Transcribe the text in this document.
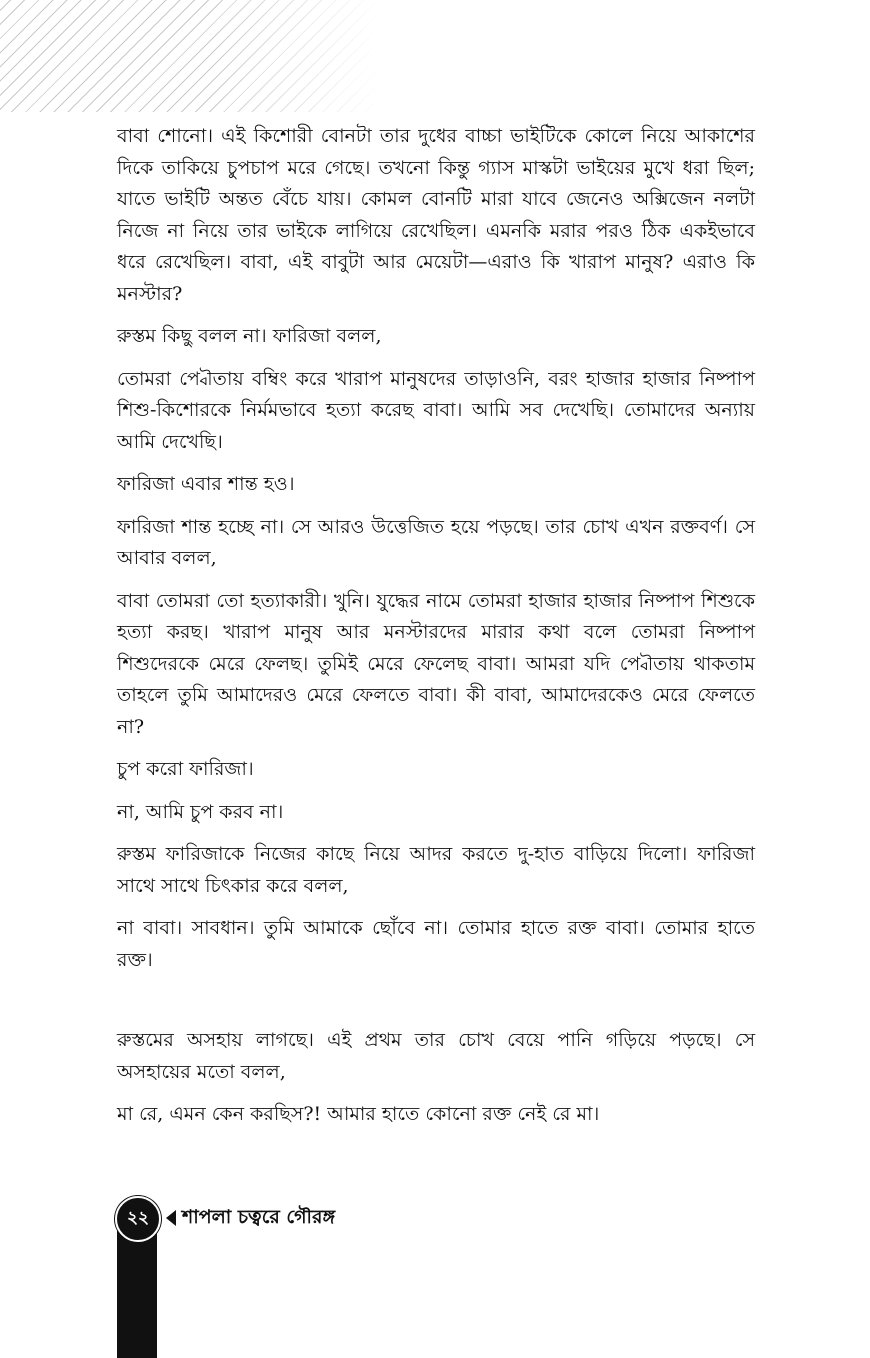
বাবা শোনো। এই কিশোরী বোনটা তার দুধের বাচ্চা ভাইটিকে কোলে নিয়ে আকাশের দিকে তাকিয়ে চুপচাপ মরে গেছে। তখনো কিন্তু গ্যাস মাস্কটা ভাইয়ের মুখে ধরা ছিল; যাতে ভাইটি অন্তত বেঁচে যায়। কোমল বোনটি মারা যাবে জেনেও অক্সিজেন নলটা নিজে না নিয়ে তার ভাইকে লাগিয়ে রেখেছিল। এমনকি মরার পরও ঠিক একইভাবে ধরে রেখেছিল। বাবা, এই বাবুটা আর মেয়েটা—এরাও কি খারাপ মানুষ? এরাও কি মনস্টার?

রুস্তম কিছু বলল না। ফারিজা বলল,

তোমরা প্বৌতায় বম্বিং করে খারাপ মানুষদের তাড়াওনি, বরং হাজার হাজার নিষ্পাপ শিশু-কিশোরকে নির্মমভাবে হত্যা করেছ বাবা। আমি সব দেখেছি। তোমাদের অন্যায় আমি দেখেছি।

ফারিজা এবার শান্ত হও।

ফারিজা শান্ত হচ্ছে না। সে আরও উত্তেজিত হয়ে পড়ছে। তার চোখ এখন রক্তবর্ণ। সে আবার বলল,

বাবা তোমরা তো হত্যাকারী। খুনি। যুদ্ধের নামে তোমরা হাজার হাজার নিষ্পাপ শিশুকে হত্যা করছ। খারাপ মানুষ আর মনস্টারদের মারার কথা বলে তোমরা নিষ্পাপ শিশুদেরকে মেরে ফেলছ। তুমিই মেরে ফেলেছ বাবা। আমরা যদি প্বৌতায় থাকতাম তাহলে তুমি আমাদেরও মেরে ফেলতে বাবা। কী বাবা, আমাদেরকেও মেরে ফেলতে না?

চুপ করো ফারিজা।

না, আমি চুপ করব না।

রুস্তম ফারিজাকে নিজের কাছে নিয়ে আদর করতে দু-হাত বাড়িয়ে দিলো। ফারিজা সাথে সাথে চিৎকার করে বলল,

না বাবা। সাবধান। তুমি আমাকে ছোঁবে না। তোমার হাতে রক্ত বাবা। তোমার হাতে রক্ত।

রুস্তমের অসহায় লাগছে। এই প্রথম তার চোখ বেয়ে পানি গড়িয়ে পড়ছে। সে অসহায়ের মতো বলল,

মা রে, এমন কেন করছিস?! আমার হাতে কোনো রক্ত নেই রে মা।

২২	শাপলা চত্বরে গৌরঙ্গ
